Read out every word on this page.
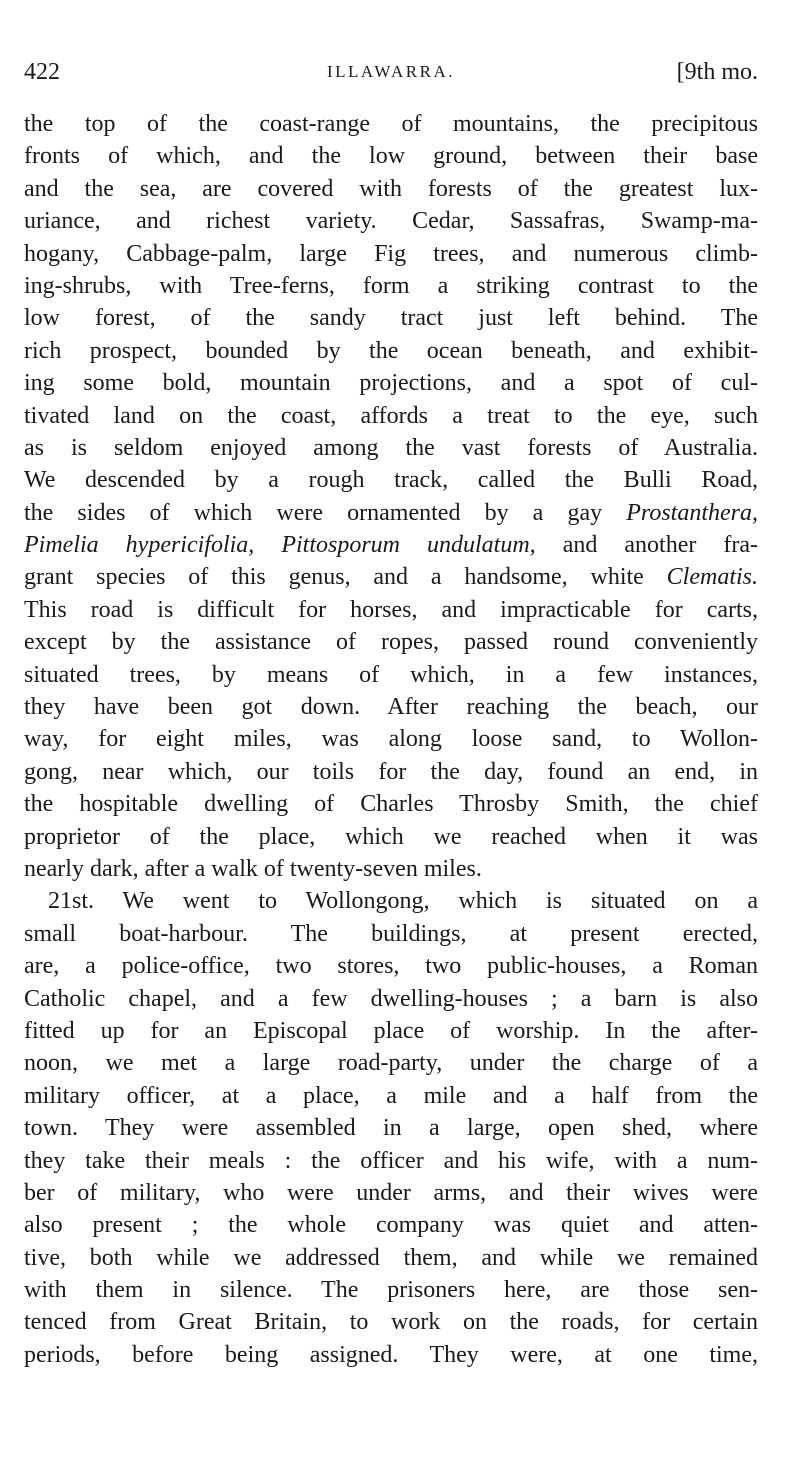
422	ILLAWARRA.	[9th mo.
the top of the coast-range of mountains, the precipitous
fronts of which, and the low ground, between their base
and the sea, are covered with forests of the greatest lux-
uriance, and richest variety. Cedar, Sassafras, Swamp-ma-
hogany, Cabbage-palm, large Fig trees, and numerous climb-
ing-shrubs, with Tree-ferns, form a striking contrast to the
low forest, of the sandy tract just left behind. The
rich prospect, bounded by the ocean beneath, and exhibit-
ing some bold, mountain projections, and a spot of cul-
tivated land on the coast, affords a treat to the eye, such
as is seldom enjoyed among the vast forests of Australia.
We descended by a rough track, called the Bulli Road,
the sides of which were ornamented by a gay Prostanthera,
Pimelia hypericifolia, Pittosporum undulatum, and another fra-
grant species of this genus, and a handsome, white Clematis.
This road is difficult for horses, and impracticable for carts,
except by the assistance of ropes, passed round conveniently
situated trees, by means of which, in a few instances,
they have been got down. After reaching the beach, our
way, for eight miles, was along loose sand, to Wollon-
gong, near which, our toils for the day, found an end, in
the hospitable dwelling of Charles Throsby Smith, the chief
proprietor of the place, which we reached when it was
nearly dark, after a walk of twenty-seven miles.
21st. We went to Wollongong, which is situated on a
small boat-harbour. The buildings, at present erected,
are, a police-office, two stores, two public-houses, a Roman
Catholic chapel, and a few dwelling-houses ; a barn is also
fitted up for an Episcopal place of worship. In the after-
noon, we met a large road-party, under the charge of a
military officer, at a place, a mile and a half from the
town. They were assembled in a large, open shed, where
they take their meals : the officer and his wife, with a num-
ber of military, who were under arms, and their wives were
also present ; the whole company was quiet and atten-
tive, both while we addressed them, and while we remained
with them in silence. The prisoners here, are those sen-
tenced from Great Britain, to work on the roads, for certain
periods, before being assigned. They were, at one time,
